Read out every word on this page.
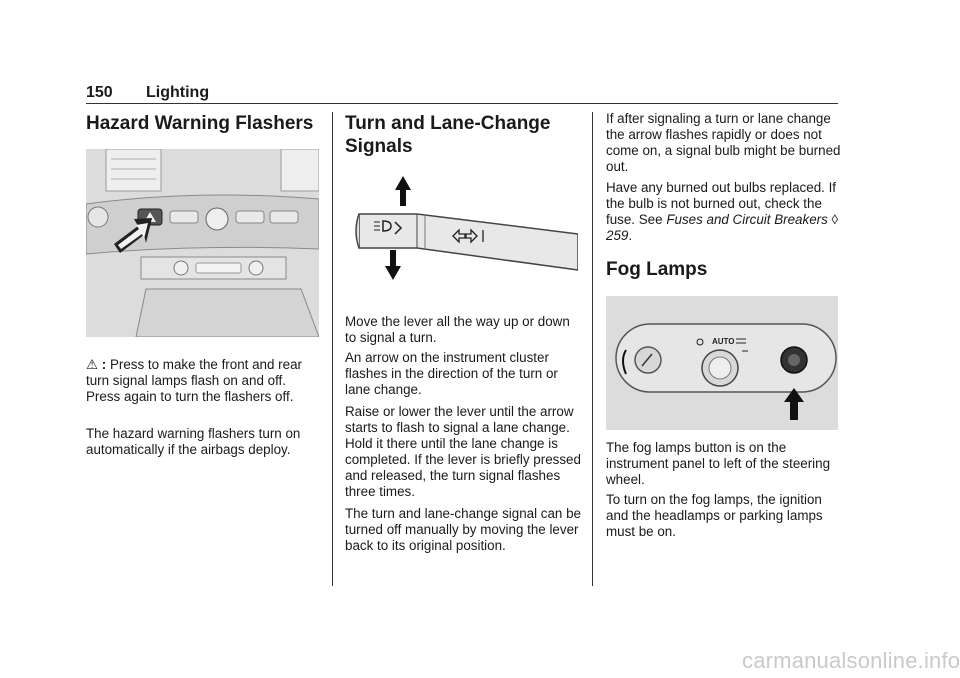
150 Lighting
Hazard Warning Flashers

⚠ : Press to make the front and rear turn signal lamps flash on and off. Press again to turn the flashers off.

The hazard warning flashers turn on automatically if the airbags deploy.

Turn and Lane-Change Signals

Move the lever all the way up or down to signal a turn.

An arrow on the instrument cluster flashes in the direction of the turn or lane change.

Raise or lower the lever until the arrow starts to flash to signal a lane change. Hold it there until the lane change is completed. If the lever is briefly pressed and released, the turn signal flashes three times.

The turn and lane-change signal can be turned off manually by moving the lever back to its original position.

If after signaling a turn or lane change the arrow flashes rapidly or does not come on, a signal bulb might be burned out.

Have any burned out bulbs replaced. If the bulb is not burned out, check the fuse. See Fuses and Circuit Breakers ◊ 259.

Fog Lamps
AUTO

The fog lamps button is on the instrument panel to left of the steering wheel.

To turn on the fog lamps, the ignition and the headlamps or parking lamps must be on.

carmanualsonline.info
